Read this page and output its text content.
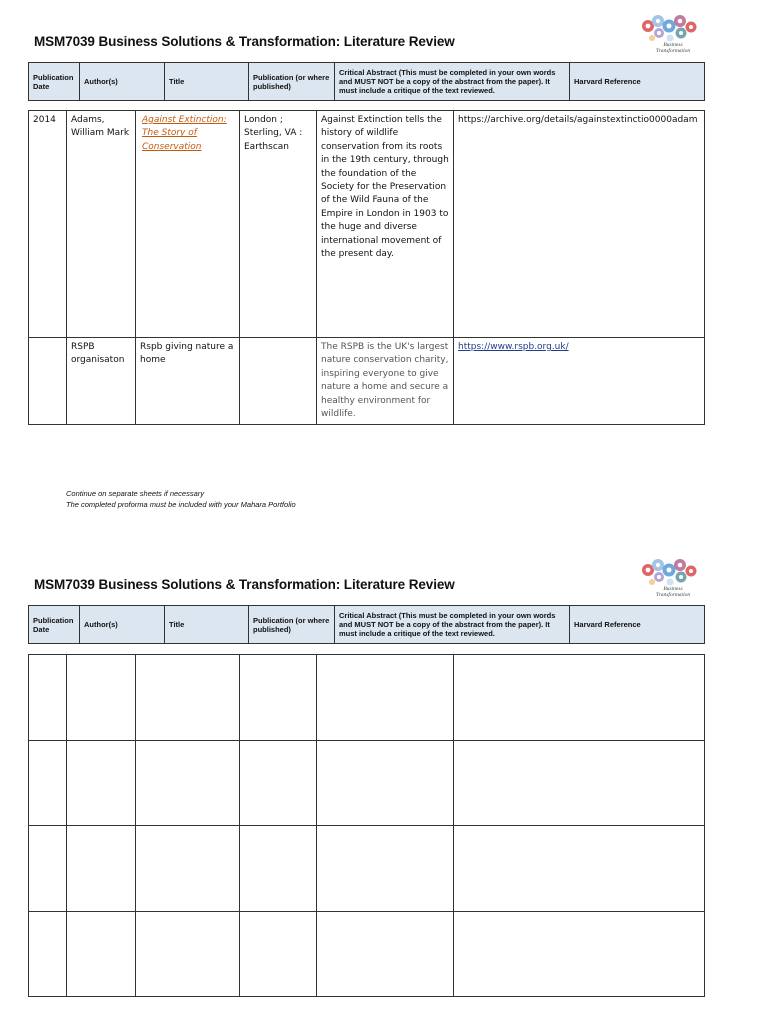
MSM7039 Business Solutions & Transformation: Literature Review	Business
Transformation
Publication Date	Author(s)	Title	Publication (or where published)	Critical Abstract (This must be completed in your own words and MUST NOT be a copy of the abstract from the paper). It must include a critique of the text reviewed.	Harvard Reference
2014	Adams, William Mark	Against Extinction: The Story of Conservation	London ; Sterling, VA : Earthscan	Against Extinction tells the history of wildlife conservation from its roots in the 19th century, through the foundation of the Society for the Preservation of the Wild Fauna of the Empire in London in 1903 to the huge and diverse international movement of the present day.	https://archive.org/details/againstextinctio0000adam
	RSPB organisaton	Rspb giving nature a home		The RSPB is the UK's largest nature conservation charity, inspiring everyone to give nature a home and secure a healthy environment for wildlife.	https://www.rspb.org.uk/
Continue on separate sheets if necessary
The completed proforma must be included with your Mahara Portfolio
MSM7039 Business Solutions & Transformation: Literature Review	Business
Transformation
Publication Date	Author(s)	Title	Publication (or where published)	Critical Abstract (This must be completed in your own words and MUST NOT be a copy of the abstract from the paper). It must include a critique of the text reviewed.	Harvard Reference
